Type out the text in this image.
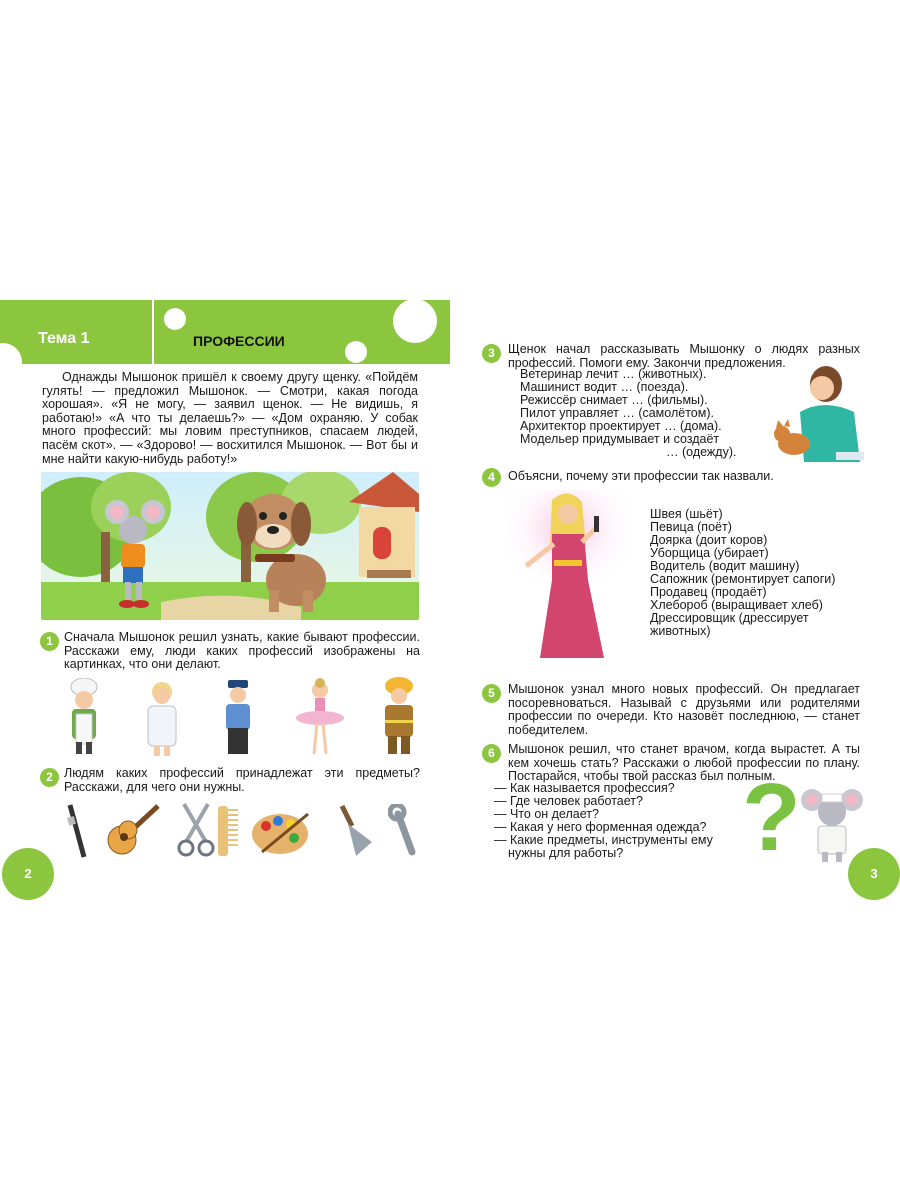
Тема 1	ПРОФЕССИИ
Однажды Мышонок пришёл к своему другу щенку. «Пойдём гулять! — предложил Мышонок. — Смотри, какая погода хорошая». «Я не могу, — заявил щенок. — Не видишь, я работаю!» «А что ты делаешь?» — «Дом охраняю. У собак много профессий: мы ловим преступников, спасаем людей, пасём скот». — «Здорово! — восхитился Мышонок. — Вот бы и мне найти какую-нибудь работу!»
1 Сначала Мышонок решил узнать, какие бывают профессии. Расскажи ему, люди каких профессий изображены на картинках, что они делают.
2 Людям каких профессий принадлежат эти предметы? Расскажи, для чего они нужны.
2
3	Щенок начал рассказывать Мышонку о людях разных профессий. Помоги ему. Закончи предложения.
Ветеринар лечит … (животных).
Машинист водит … (поезда).
Режиссёр снимает … (фильмы).
Пилот управляет … (самолётом).
Архитектор проектирует … (дома).
Модельер придумывает и создаёт
… (одежду).
4	Объясни, почему эти профессии так назвали.
Швея (шьёт)
Певица (поёт)
Доярка (доит коров)
Уборщица (убирает)
Водитель (водит машину)
Сапожник (ремонтирует сапоги)
Продавец (продаёт)
Хлебороб (выращивает хлеб)
Дрессировщик (дрессирует
животных)
5	Мышонок узнал много новых профессий. Он предлагает посоревноваться. Называй с друзьями или родителями профессии по очереди. Кто назовёт последнюю, — станет победителем.
6	Мышонок решил, что станет врачом, когда вырастет. А ты кем хочешь стать? Расскажи о любой профессии по плану. Постарайся, чтобы твой рассказ был полным.
— Как называется профессия?
— Где человек работает?
— Что он делает?
— Какая у него форменная одежда?
— Какие предметы, инструменты ему
нужны для работы? ?
3
